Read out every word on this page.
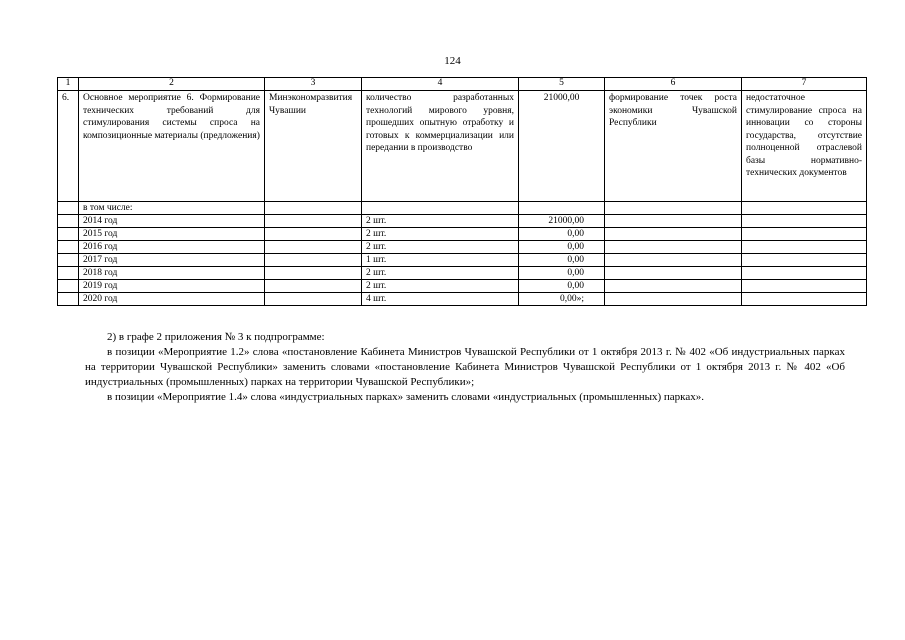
124
1	2	3	4	5	6	7
6.	Основное мероприятие 6. Формирование технических требований для стимулирования системы спроса на композиционные материалы (предложения)	Минэкономразвития Чувашии	количество разработанных технологий мирового уровня, прошедших опытную отработку и готовых к коммерциализации или передании в производство	21000,00	формирование точек роста экономики Чувашской Республики	недостаточное стимулирование спроса на инновации со стороны государства, отсутствие полноценной отраслевой базы нормативно-технических документов
	в том числе:					
	2014 год		2 шт.	21000,00		
	2015 год		2 шт.	0,00		
	2016 год		2 шт.	0,00		
	2017 год		1 шт.	0,00		
	2018 год		2 шт.	0,00		
	2019 год		2 шт.	0,00		
	2020 год		4 шт.	0,00»;		

2) в графе 2 приложения № 3 к подпрограмме:

в позиции «Мероприятие 1.2» слова «постановление Кабинета Министров Чувашской Республики от 1 октября 2013 г. № 402 «Об индустриальных парках на территории Чувашской Республики» заменить словами «постановление Кабинета Министров Чувашской Республики от 1 октября 2013 г. № 402 «Об индустриальных (промышленных) парках на территории Чувашской Республики»;

в позиции «Мероприятие 1.4» слова «индустриальных парках» заменить словами «индустриальных (промышленных) парках».
